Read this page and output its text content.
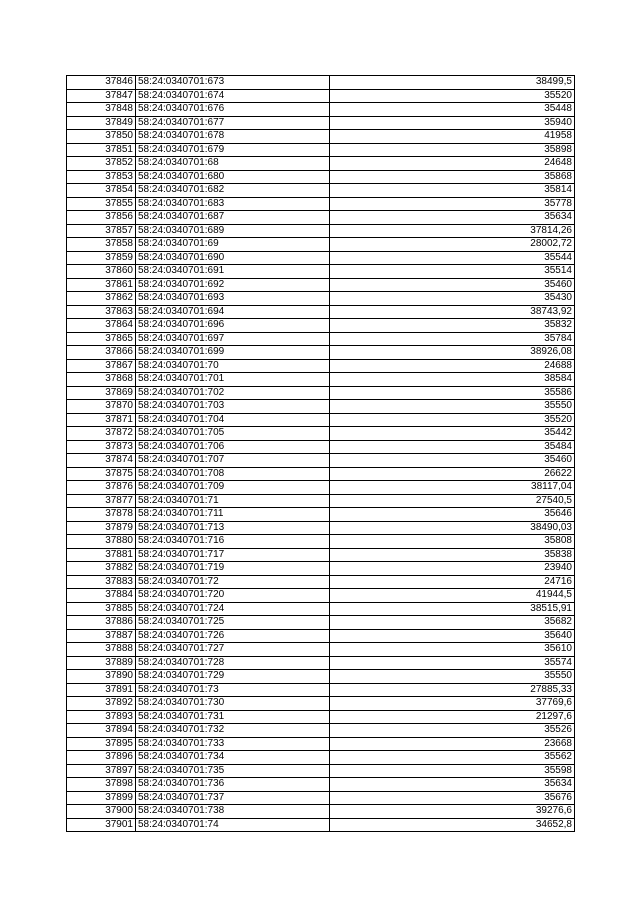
37846	58:24:0340701:673	38499,5
37847	58:24:0340701:674	35520
37848	58:24:0340701:676	35448
37849	58:24:0340701:677	35940
37850	58:24:0340701:678	41958
37851	58:24:0340701:679	35898
37852	58:24:0340701:68	24648
37853	58:24:0340701:680	35868
37854	58:24:0340701:682	35814
37855	58:24:0340701:683	35778
37856	58:24:0340701:687	35634
37857	58:24:0340701:689	37814,26
37858	58:24:0340701:69	28002,72
37859	58:24:0340701:690	35544
37860	58:24:0340701:691	35514
37861	58:24:0340701:692	35460
37862	58:24:0340701:693	35430
37863	58:24:0340701:694	38743,92
37864	58:24:0340701:696	35832
37865	58:24:0340701:697	35784
37866	58:24:0340701:699	38926,08
37867	58:24:0340701:70	24688
37868	58:24:0340701:701	38584
37869	58:24:0340701:702	35586
37870	58:24:0340701:703	35550
37871	58:24:0340701:704	35520
37872	58:24:0340701:705	35442
37873	58:24:0340701:706	35484
37874	58:24:0340701:707	35460
37875	58:24:0340701:708	26622
37876	58:24:0340701:709	38117,04
37877	58:24:0340701:71	27540,5
37878	58:24:0340701:711	35646
37879	58:24:0340701:713	38490,03
37880	58:24:0340701:716	35808
37881	58:24:0340701:717	35838
37882	58:24:0340701:719	23940
37883	58:24:0340701:72	24716
37884	58:24:0340701:720	41944,5
37885	58:24:0340701:724	38515,91
37886	58:24:0340701:725	35682
37887	58:24:0340701:726	35640
37888	58:24:0340701:727	35610
37889	58:24:0340701:728	35574
37890	58:24:0340701:729	35550
37891	58:24:0340701:73	27885,33
37892	58:24:0340701:730	37769,6
37893	58:24:0340701:731	21297,6
37894	58:24:0340701:732	35526
37895	58:24:0340701:733	23668
37896	58:24:0340701:734	35562
37897	58:24:0340701:735	35598
37898	58:24:0340701:736	35634
37899	58:24:0340701:737	35676
37900	58:24:0340701:738	39276,6
37901	58:24:0340701:74	34652,8
